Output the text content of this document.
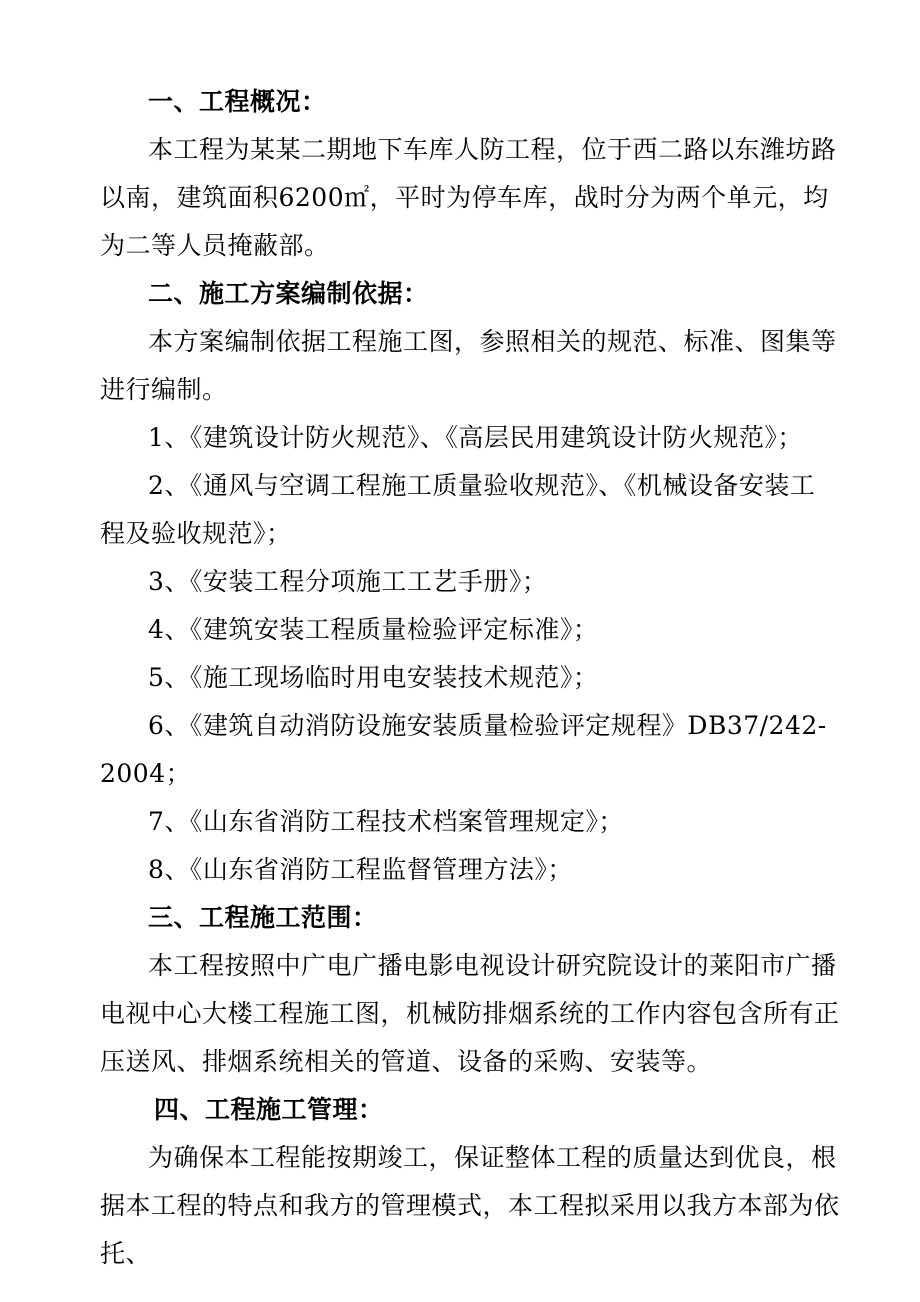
一、工程概况：

本工程为某某二期地下车库人防工程，位于西二路以东潍坊路以南，建筑面积6200㎡，平时为停车库，战时分为两个单元，均为二等人员掩蔽部。

二、施工方案编制依据：

本方案编制依据工程施工图，参照相关的规范、标准、图集等进行编制。

1、《建筑设计防火规范》、《高层民用建筑设计防火规范》；

2、《通风与空调工程施工质量验收规范》、《机械设备安装工程及验收规范》；

3、《安装工程分项施工工艺手册》；

4、《建筑安装工程质量检验评定标准》；

5、《施工现场临时用电安装技术规范》；

6、《建筑自动消防设施安装质量检验评定规程》DB37/242-2004；

7、《山东省消防工程技术档案管理规定》；

8、《山东省消防工程监督管理方法》；

三、工程施工范围：

本工程按照中广电广播电影电视设计研究院设计的莱阳市广播电视中心大楼工程施工图，机械防排烟系统的工作内容包含所有正压送风、排烟系统相关的管道、设备的采购、安装等。

四、工程施工管理：

为确保本工程能按期竣工，保证整体工程的质量达到优良，根据本工程的特点和我方的管理模式，本工程拟采用以我方本部为依托、
